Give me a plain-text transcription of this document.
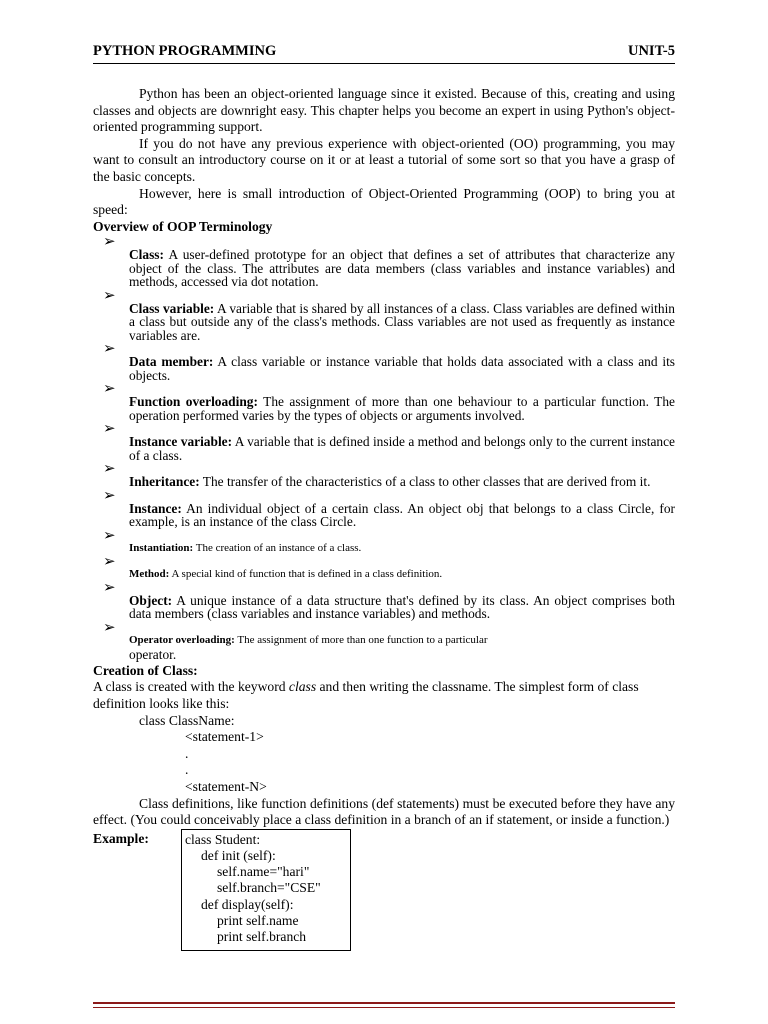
PYTHON PROGRAMMING	UNIT-5

Python has been an object-oriented language since it existed. Because of this, creating and using classes and objects are downright easy. This chapter helps you become an expert in using Python's object-oriented programming support.

If you do not have any previous experience with object-oriented (OO) programming, you may want to consult an introductory course on it or at least a tutorial of some sort so that you have a grasp of the basic concepts.

However, here is small introduction of Object-Oriented Programming (OOP) to bring you at speed:

Overview of OOP Terminology

➢

Class: A user-defined prototype for an object that defines a set of attributes that characterize any object of the class. The attributes are data members (class variables and instance variables) and methods, accessed via dot notation.

➢

Class variable: A variable that is shared by all instances of a class. Class variables are defined within a class but outside any of the class's methods. Class variables are not used as frequently as instance variables are.

➢

Data member: A class variable or instance variable that holds data associated with a class and its objects.

➢

Function overloading: The assignment of more than one behaviour to a particular function. The operation performed varies by the types of objects or arguments involved.

➢

Instance variable: A variable that is defined inside a method and belongs only to the current instance of a class.

➢

Inheritance: The transfer of the characteristics of a class to other classes that are derived from it.

➢

Instance: An individual object of a certain class. An object obj that belongs to a class Circle, for example, is an instance of the class Circle.

➢

Instantiation: The creation of an instance of a class.

➢

Method: A special kind of function that is defined in a class definition.

➢

Object: A unique instance of a data structure that's defined by its class. An object comprises both data members (class variables and instance variables) and methods.

➢

Operator overloading: The assignment of more than one function to a particular

operator.

Creation of Class:

A class is created with the keyword class and then writing the classname. The simplest form of class definition looks like this:

class ClassName:

<statement-1>

.

.

<statement-N>

Class definitions, like function definitions (def statements) must be executed before they have any effect. (You could conceivably place a class definition in a branch of an if statement, or inside a function.)

Example:	class Student:
def init (self):
self.name="hari"
self.branch="CSE"
def display(self):
print self.name
print self.branch
